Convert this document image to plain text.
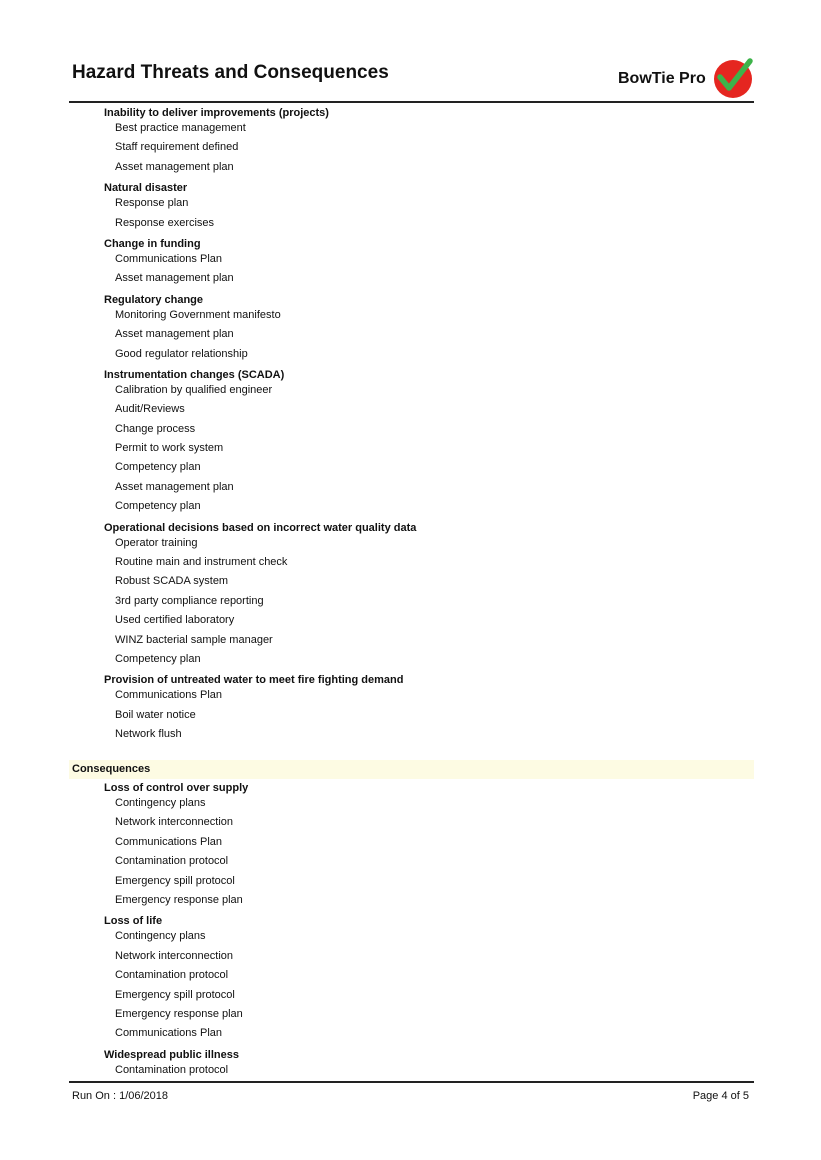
Hazard Threats and Consequences	BowTie Pro
Inability to deliver improvements (projects)
Best practice management
Staff requirement defined
Asset management plan
Natural disaster
Response plan
Response exercises
Change in funding
Communications Plan
Asset management plan
Regulatory change
Monitoring Government manifesto
Asset management plan
Good regulator relationship
Instrumentation changes (SCADA)
Calibration by qualified engineer
Audit/Reviews
Change process
Permit to work system
Competency plan
Asset management plan
Competency plan
Operational decisions based on incorrect water quality data
Operator training
Routine main and instrument check
Robust SCADA system
3rd party compliance reporting
Used certified laboratory
WINZ bacterial sample manager
Competency plan
Provision of untreated water to meet fire fighting demand
Communications Plan
Boil water notice
Network flush
Consequences
Loss of control over supply
Contingency plans
Network interconnection
Communications Plan
Contamination protocol
Emergency spill protocol
Emergency response plan
Loss of life
Contingency plans
Network interconnection
Contamination protocol
Emergency spill protocol
Emergency response plan
Communications Plan
Widespread public illness
Contamination protocol
Run On : 1/06/2018	Page 4 of 5
